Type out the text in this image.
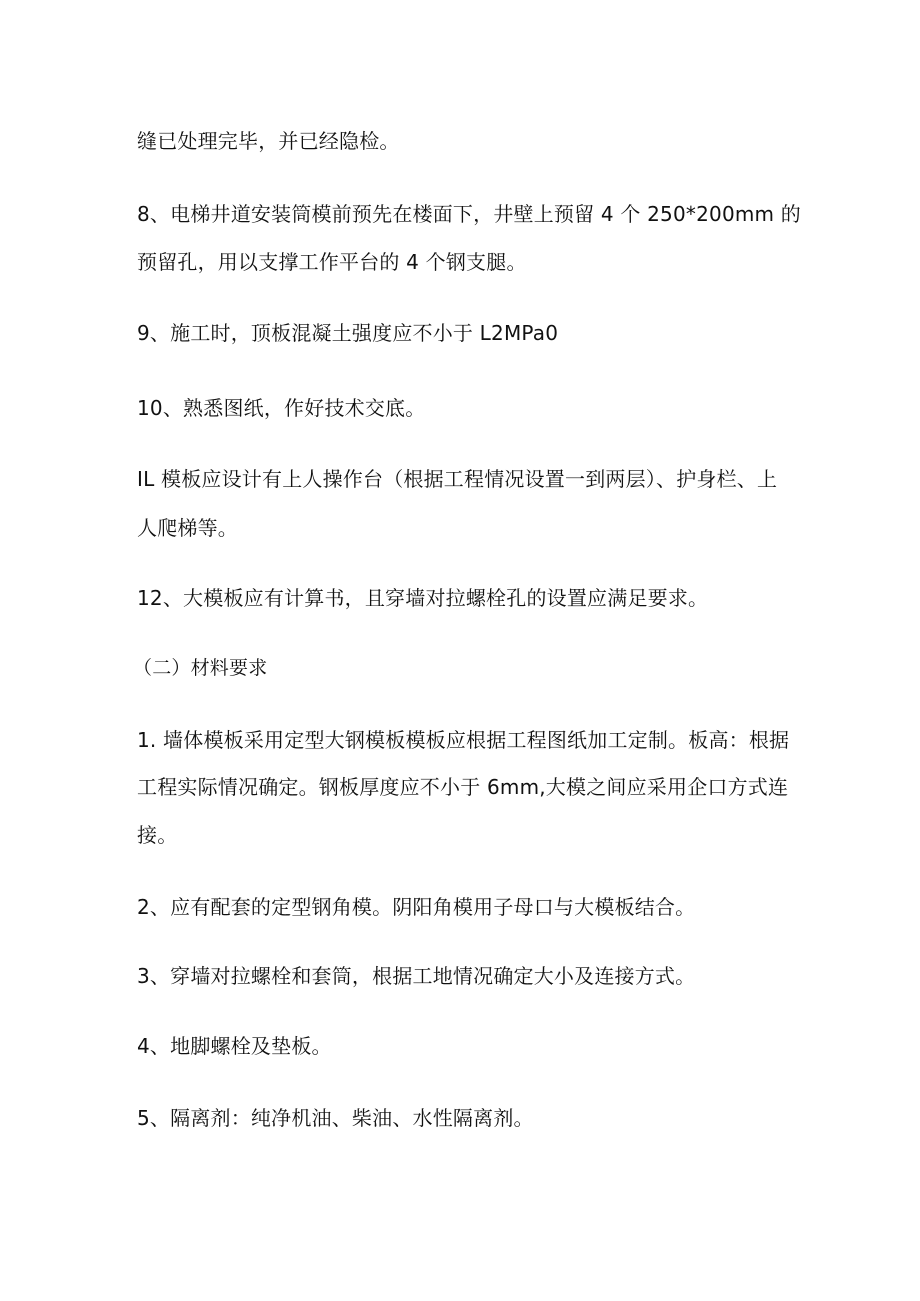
缝已处理完毕，并已经隐检。
8、电梯井道安装筒模前预先在楼面下，井壁上预留 4 个 250*200mm 的
预留孔，用以支撑工作平台的 4 个钢支腿。
9、施工时，顶板混凝土强度应不小于 L2MPa0
10、熟悉图纸，作好技术交底。
IL 模板应设计有上人操作台（根据工程情况设置一到两层）、护身栏、上
人爬梯等。
12、大模板应有计算书，且穿墙对拉螺栓孔的设置应满足要求。
（二）材料要求
1. 墙体模板采用定型大钢模板模板应根据工程图纸加工定制。板高：根据
工程实际情况确定。钢板厚度应不小于 6mm,大模之间应采用企口方式连
接。
2、应有配套的定型钢角模。阴阳角模用子母口与大模板结合。
3、穿墙对拉螺栓和套筒，根据工地情况确定大小及连接方式。
4、地脚螺栓及垫板。
5、隔离剂：纯净机油、柴油、水性隔离剂。
